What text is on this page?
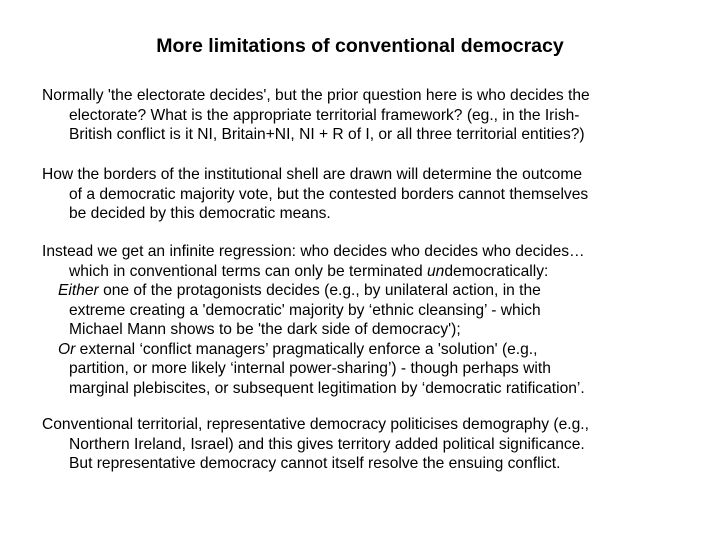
More limitations of conventional democracy

Normally 'the electorate decides', but the prior question here is who decides the
electorate? What is the appropriate territorial framework? (eg., in the Irish-
British conflict is it NI, Britain+NI, NI + R of I, or all three territorial entities?)

How the borders of the institutional shell are drawn will determine the outcome
of a democratic majority vote, but the contested borders cannot themselves
be decided by this democratic means.

Instead we get an infinite regression: who decides who decides who decides…
which in conventional terms can only be terminated undemocratically:
Either one of the protagonists decides (e.g., by unilateral action, in the
extreme creating a 'democratic' majority by ‘ethnic cleansing’ - which
Michael Mann shows to be 'the dark side of democracy');
Or external ‘conflict managers’ pragmatically enforce a 'solution' (e.g.,
partition, or more likely ‘internal power-sharing’) - though perhaps with
marginal plebiscites, or subsequent legitimation by ‘democratic ratification’.

Conventional territorial, representative democracy politicises demography (e.g.,
Northern Ireland, Israel) and this gives territory added political significance.
But representative democracy cannot itself resolve the ensuing conflict.
